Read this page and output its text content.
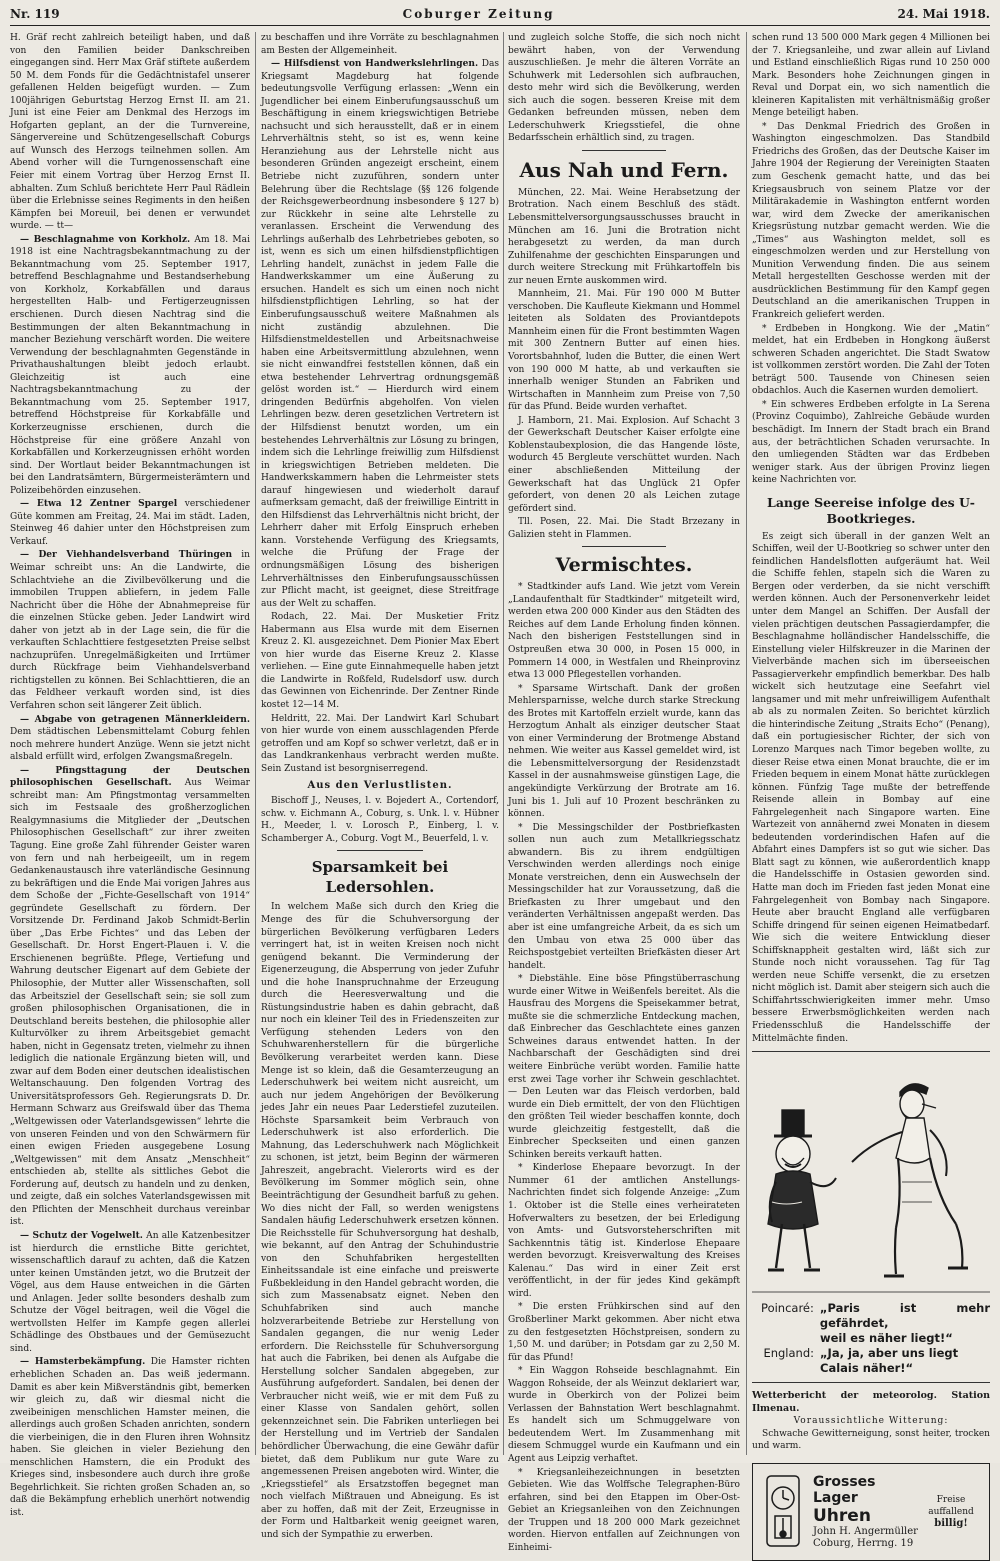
Nr. 119	Coburger Zeitung	24. Mai 1918.

H. Gräf recht zahlreich beteiligt haben, und daß von den Familien beider Dankschreiben eingegangen sind. Herr Max Gräf stiftete außerdem 50 M. dem Fonds für die Gedächtnistafel unserer gefallenen Helden beigefügt wurden. — Zum 100jährigen Geburtstag Herzog Ernst II. am 21. Juni ist eine Feier am Denkmal des Herzogs im Hofgarten geplant, an der die Turnvereine, Sängervereine und Schützengesellschaft Coburgs auf Wunsch des Herzogs teilnehmen sollen. Am Abend vorher will die Turngenossenschaft eine Feier mit einem Vortrag über Herzog Ernst II. abhalten. Zum Schluß berichtete Herr Paul Rädlein über die Erlebnisse seines Regiments in den heißen Kämpfen bei Moreuil, bei denen er verwundet wurde. — tt—

— Beschlagnahme von Korkholz. Am 18. Mai 1918 ist eine Nachtragsbekanntmachung zu der Bekanntmachung vom 25. September 1917, betreffend Beschlagnahme und Bestandserhebung von Korkholz, Korkabfällen und daraus hergestellten Halb- und Fertigerzeugnissen erschienen. Durch diesen Nachtrag sind die Bestimmungen der alten Bekanntmachung in mancher Beziehung verschärft worden. Die weitere Verwendung der beschlagnahmten Gegenstände in Privathaushaltungen bleibt jedoch erlaubt. Gleichzeitig ist auch eine Nachtragsbekanntmachung zu der Bekanntmachung vom 25. September 1917, betreffend Höchstpreise für Korkabfälle und Korkerzeugnisse erschienen, durch die Höchstpreise für eine größere Anzahl von Korkabfällen und Korkerzeugnissen erhöht worden sind. Der Wortlaut beider Bekanntmachungen ist bei den Landratsämtern, Bürgermeisterämtern und Polizeibehörden einzusehen.

— Etwa 12 Zentner Spargel verschiedener Güte kommen am Freitag, 24. Mai im städt. Laden, Steinweg 46 dahier unter den Höchstpreisen zum Verkauf.

— Der Viehhandelsverband Thüringen in Weimar schreibt uns: An die Landwirte, die Schlachtviehe an die Zivilbevölkerung und die immobilen Truppen abliefern, in jedem Falle Nachricht über die Höhe der Abnahmepreise für die einzelnen Stücke geben. Jeder Landwirt wird daher von jetzt ab in der Lage sein, die für die verkauften Schlachttiere festgesetzten Preise selbst nachzuprüfen. Unregelmäßigkeiten und Irrtümer durch Rückfrage beim Viehhandelsverband richtigstellen zu können. Bei Schlachttieren, die an das Feldheer verkauft worden sind, ist dies Verfahren schon seit längerer Zeit üblich.

— Abgabe von getragenen Männerkleidern. Dem städtischen Lebensmittelamt Coburg fehlen noch mehrere hundert Anzüge. Wenn sie jetzt nicht alsbald erfüllt wird, erfolgen Zwangsmaßregeln.

— Pfingsttagung der Deutschen philosophischen Gesellschaft. Aus Weimar schreibt man: Am Pfingstmontag versammelten sich im Festsaale des großherzoglichen Realgymnasiums die Mitglieder der „Deutschen Philosophischen Gesellschaft“ zur ihrer zweiten Tagung. Eine große Zahl führender Geister waren von fern und nah herbeigeeilt, um in regem Gedankenaustausch ihre vaterländische Gesinnung zu bekräftigen und die Ende Mai vorigen Jahres aus dem Schoße der „Fichte-Gesellschaft von 1914“ gegründete Gesellschaft zu fördern. Der Vorsitzende Dr. Ferdinand Jakob Schmidt-Berlin über „Das Erbe Fichtes“ und das Leben der Gesellschaft. Dr. Horst Engert-Plauen i. V. die Erschienenen begrüßte. Pflege, Vertiefung und Wahrung deutscher Eigenart auf dem Gebiete der Philosophie, der Mutter aller Wissenschaften, soll das Arbeitsziel der Gesellschaft sein; sie soll zum großen philosophischen Organisationen, die in Deutschland bereits bestehen, die philosophie aller Kulturvölker zu ihrem Arbeitsgebiet gemacht haben, nicht in Gegensatz treten, vielmehr zu ihnen lediglich die nationale Ergänzung bieten will, und zwar auf dem Boden einer deutschen idealistischen Weltanschauung. Den folgenden Vortrag des Universitätsprofessors Geh. Regierungsrats D. Dr. Hermann Schwarz aus Greifswald über das Thema „Weltgewissen oder Vaterlandsgewissen“ lehrte die von unseren Feinden und von den Schwärmern für einen ewigen Frieden ausgegebene Losung „Weltgewissen“ mit dem Ansatz „Menschheit“ entschieden ab, stellte als sittliches Gebot die Forderung auf, deutsch zu handeln und zu denken, und zeigte, daß ein solches Vaterlandsgewissen mit den Pflichten der Menschheit durchaus vereinbar ist.

— Schutz der Vogelwelt. An alle Katzenbesitzer ist hierdurch die ernstliche Bitte gerichtet, wissenschaftlich darauf zu achten, daß die Katzen unter keinen Umständen jetzt, wo die Brutzeit der Vögel, aus dem Hause entweichen in die Gärten und Anlagen. Jeder sollte besonders deshalb zum Schutze der Vögel beitragen, weil die Vögel die wertvollsten Helfer im Kampfe gegen allerlei Schädlinge des Obstbaues und der Gemüsezucht sind.

— Hamsterbekämpfung. Die Hamster richten erheblichen Schaden an. Das weiß jedermann. Damit es aber kein Mißverständnis gibt, bemerken wir gleich zu, daß wir diesmal nicht die zweibeinigen menschlichen Hamster meinen, die allerdings auch großen Schaden anrichten, sondern die vierbeinigen, die in den Fluren ihren Wohnsitz haben. Sie gleichen in vieler Beziehung den menschlichen Hamstern, die ein Produkt des Krieges sind, insbesondere auch durch ihre große Begehrlichkeit. Sie richten großen Schaden an, so daß die Bekämpfung erheblich unerhört notwendig ist.

zu beschaffen und ihre Vorräte zu beschlagnahmen am Besten der Allgemeinheit.

— Hilfsdienst von Handwerkslehrlingen. Das Kriegsamt Magdeburg hat folgende bedeutungsvolle Verfügung erlassen: „Wenn ein Jugendlicher bei einem Einberufungsausschuß um Beschäftigung in einem kriegswichtigen Betriebe nachsucht und sich herausstellt, daß er in einem Lehrverhältnis steht, so ist es, wenn keine Heranziehung aus der Lehrstelle nicht aus besonderen Gründen angezeigt erscheint, einem Betriebe nicht zuzuführen, sondern unter Belehrung über die Rechtslage (§§ 126 folgende der Reichsgewerbeordnung insbesondere § 127 b) zur Rückkehr in seine alte Lehrstelle zu veranlassen. Erscheint die Verwendung des Lehrlings außerhalb des Lehrbetriebes geboten, so ist, wenn es sich um einen hilfsdienstpflichtigen Lehrling handelt, zunächst in jedem Falle die Handwerkskammer um eine Äußerung zu ersuchen. Handelt es sich um einen noch nicht hilfsdienstpflichtigen Lehrling, so hat der Einberufungsausschuß weitere Maßnahmen als nicht zuständig abzulehnen. Die Hilfsdienstmeldestellen und Arbeitsnachweise haben eine Arbeitsvermittlung abzulehnen, wenn sie nicht einwandfrei feststellen können, daß ein etwa bestehender Lehrvertrag ordnungsgemäß gelöst worden ist.“ — Hierdurch wird einem dringenden Bedürfnis abgeholfen. Von vielen Lehrlingen bezw. deren gesetzlichen Vertretern ist der Hilfsdienst benutzt worden, um ein bestehendes Lehrverhältnis zur Lösung zu bringen, indem sich die Lehrlinge freiwillig zum Hilfsdienst in kriegswichtigen Betrieben meldeten. Die Handwerkskammern haben die Lehrmeister stets darauf hingewiesen und wiederholt darauf aufmerksam gemacht, daß der freiwillige Eintritt in den Hilfsdienst das Lehrverhältnis nicht bricht, der Lehrherr daher mit Erfolg Einspruch erheben kann. Vorstehende Verfügung des Kriegsamts, welche die Prüfung der Frage der ordnungsmäßigen Lösung des bisherigen Lehrverhältnisses den Einberufungsausschüssen zur Pflicht macht, ist geeignet, diese Streitfrage aus der Welt zu schaffen.

Rodach, 22. Mai. Der Musketier Fritz Habermann aus Elsa wurde mit dem Eisernen Kreuz 2. Kl. ausgezeichnet. Dem Pionier Max Ebert von hier wurde das Eiserne Kreuz 2. Klasse verliehen. — Eine gute Einnahmequelle haben jetzt die Landwirte in Roßfeld, Rudelsdorf usw. durch das Gewinnen von Eichenrinde. Der Zentner Rinde kostet 12—14 M.

Heldritt, 22. Mai. Der Landwirt Karl Schubart von hier wurde von einem ausschlagenden Pferde getroffen und am Kopf so schwer verletzt, daß er in das Landkrankenhaus verbracht werden mußte. Sein Zustand ist besorgniserregend.

Aus den Verlustlisten.

Bischoff J., Neuses, l. v. Bojedert A., Cortendorf, schw. v. Eichmann A., Coburg, s. Unk. l. v. Hübner H., Meeder, l. v. Lorosch P., Einberg, l. v. Schamberger A., Coburg. Vogt M., Beuerfeld, l. v.

Sparsamkeit bei Ledersohlen.

In welchem Maße sich durch den Krieg die Menge des für die Schuhversorgung der bürgerlichen Bevölkerung verfügbaren Leders verringert hat, ist in weiten Kreisen noch nicht genügend bekannt. Die Verminderung der Eigenerzeugung, die Absperrung von jeder Zufuhr und die hohe Inanspruchnahme der Erzeugung durch die Heeresverwaltung und die Rüstungsindustrie haben es dahin gebracht, daß nur noch ein kleiner Teil des in Friedenszeiten zur Verfügung stehenden Leders von den Schuhwarenherstellern für die bürgerliche Bevölkerung verarbeitet werden kann. Diese Menge ist so klein, daß die Gesamterzeugung an Lederschuhwerk bei weitem nicht ausreicht, um auch nur jedem Angehörigen der Bevölkerung jedes Jahr ein neues Paar Lederstiefel zuzuteilen. Höchste Sparsamkeit beim Verbrauch von Lederschuhwerk ist also erforderlich. Die Mahnung, das Lederschuhwerk nach Möglichkeit zu schonen, ist jetzt, beim Beginn der wärmeren Jahreszeit, angebracht. Vielerorts wird es der Bevölkerung im Sommer möglich sein, ohne Beeinträchtigung der Gesundheit barfuß zu gehen. Wo dies nicht der Fall, so werden wenigstens Sandalen häufig Lederschuhwerk ersetzen können. Die Reichsstelle für Schuhversorgung hat deshalb, wie bekannt, auf den Antrag der Schuhindustrie von den Schuhfabriken hergestellten Einheitssandale ist eine einfache und preiswerte Fußbekleidung in den Handel gebracht worden, die sich zum Massenabsatz eignet. Neben den Schuhfabriken sind auch manche holzverarbeitende Betriebe zur Herstellung von Sandalen gegangen, die nur wenig Leder erfordern. Die Reichsstelle für Schuhversorgung hat auch die Fabriken, bei denen als Aufgabe die Herstellung solcher Sandalen abgegeben, zur Ausführung aufgefordert. Sandalen, bei denen der Verbraucher nicht weiß, wie er mit dem Fuß zu einer Klasse von Sandalen gehört, sollen gekennzeichnet sein. Die Fabriken unterliegen bei der Herstellung und im Vertrieb der Sandalen behördlicher Überwachung, die eine Gewähr dafür bietet, daß dem Publikum nur gute Ware zu angemessenen Preisen angeboten wird. Winter, die „Kriegsstiefel“ als Ersatzstoffen begegnet man noch vielfach Mißtrauen und Abneigung. Es ist aber zu hoffen, daß mit der Zeit, Erzeugnisse in der Form und Haltbarkeit wenig geeignet waren, und sich der Sympathie zu erwerben.

und zugleich solche Stoffe, die sich noch nicht bewährt haben, von der Verwendung auszuschließen. Je mehr die älteren Vorräte an Schuhwerk mit Ledersohlen sich aufbrauchen, desto mehr wird sich die Bevölkerung, werden sich auch die sogen. besseren Kreise mit dem Gedanken befreunden müssen, neben dem Lederschuhwerk Kriegsstiefel, die ohne Bedarfsschein erhältlich sind, zu tragen.

Aus Nah und Fern.

München, 22. Mai. Weine Herabsetzung der Brotration. Nach einem Beschluß des städt. Lebensmittelversorgungsausschusses braucht in München am 16. Juni die Brotration nicht herabgesetzt zu werden, da man durch Zuhilfenahme der geschichten Einsparungen und durch weitere Streckung mit Frühkartoffeln bis zur neuen Ernte auskommen wird.

Mannheim, 21. Mai. Für 190 000 M Butter verschoben. Die Kaufleute Kiekmann und Hommel leiteten als Soldaten des Proviantdepots Mannheim einen für die Front bestimmten Wagen mit 300 Zentnern Butter auf einen hies. Vorortsbahnhof, luden die Butter, die einen Wert von 190 000 M hatte, ab und verkauften sie innerhalb weniger Stunden an Fabriken und Wirtschaften in Mannheim zum Preise von 7,50 für das Pfund. Beide wurden verhaftet.

J. Hamborn, 21. Mai. Explosion. Auf Schacht 3 der Gewerkschaft Deutscher Kaiser erfolgte eine Koblenstaubexplosion, die das Hangende löste, wodurch 45 Bergleute verschüttet wurden. Nach einer abschließenden Mitteilung der Gewerkschaft hat das Unglück 21 Opfer gefordert, von denen 20 als Leichen zutage gefördert sind.

Tll. Posen, 22. Mai. Die Stadt Brzezany in Galizien steht in Flammen.

Vermischtes.

* Stadtkinder aufs Land. Wie jetzt vom Verein „Landaufenthalt für Stadtkinder“ mitgeteilt wird, werden etwa 200 000 Kinder aus den Städten des Reiches auf dem Lande Erholung finden können. Nach den bisherigen Feststellungen sind in Ostpreußen etwa 30 000, in Posen 15 000, in Pommern 14 000, in Westfalen und Rheinprovinz etwa 13 000 Pflegestellen vorhanden.

* Sparsame Wirtschaft. Dank der großen Mehlersparnisse, welche durch starke Streckung des Brotes mit Kartoffeln erzielt wurde, kann das Herzogtum Anhalt als einziger deutscher Staat von einer Verminderung der Brotmenge Abstand nehmen. Wie weiter aus Kassel gemeldet wird, ist die Lebensmittelversorgung der Residenzstadt Kassel in der ausnahmsweise günstigen Lage, die angekündigte Verkürzung der Brotrate am 16. Juni bis 1. Juli auf 10 Prozent beschränken zu können.

* Die Messingschilder der Postbriefkasten sollen nun auch zum Metallkriegsschatz abwandern. Bis zu ihrem endgültigen Verschwinden werden allerdings noch einige Monate verstreichen, denn ein Auswechseln der Messingschilder hat zur Voraussetzung, daß die Briefkasten zu Ihrer umgebaut und den veränderten Verhältnissen angepaßt werden. Das aber ist eine umfangreiche Arbeit, da es sich um den Umbau von etwa 25 000 über das Reichspostgebiet verteilten Briefkästen dieser Art handelt.

* Diebstähle. Eine böse Pfingstüberraschung wurde einer Witwe in Weißenfels bereitet. Als die Hausfrau des Morgens die Speisekammer betrat, mußte sie die schmerzliche Entdeckung machen, daß Einbrecher das Geschlachtete eines ganzen Schweines daraus entwendet hatten. In der Nachbarschaft der Geschädigten sind drei weitere Einbrüche verübt worden. Familie hatte erst zwei Tage vorher ihr Schwein geschlachtet. — Den Leuten war das Fleisch verdorben, bald wurde ein Dieb ermittelt, der von den Flüchtigen den größten Teil wieder beschaffen konnte, doch wurde gleichzeitig festgestellt, daß die Einbrecher Speckseiten und einen ganzen Schinken bereits verkauft hatten.

* Kinderlose Ehepaare bevorzugt. In der Nummer 61 der amtlichen Anstellungs-Nachrichten findet sich folgende Anzeige: „Zum 1. Oktober ist die Stelle eines verheirateten Hofverwalters zu besetzen, der bei Erledigung von Amts- und Gutsvorsteherschriften mit Sachkenntnis tätig ist. Kinderlose Ehepaare werden bevorzugt. Kreisverwaltung des Kreises Kalenau.“ Das wird in einer Zeit erst veröffentlicht, in der für jedes Kind gekämpft wird.

* Die ersten Frühkirschen sind auf den Großberliner Markt gekommen. Aber nicht etwa zu den festgesetzten Höchstpreisen, sondern zu 1,50 M. und darüber; in Potsdam gar zu 2,50 M. für das Pfund!

* Ein Waggon Rohseide beschlagnahmt. Ein Waggon Rohseide, der als Weinzut deklariert war, wurde in Oberkirch von der Polizei beim Verlassen der Bahnstation Wert beschlagnahmt. Es handelt sich um Schmuggelware von bedeutendem Wert. Im Zusammenhang mit diesem Schmuggel wurde ein Kaufmann und ein Agent aus Leipzig verhaftet.

* Kriegsanleihezeichnungen in besetzten Gebieten. Wie das Wolffsche Telegraphen-Büro erfahren, sind bei den Etappen im Ober-Ost-Gebiet an Kriegsanleihen von den Zeichnungen der Truppen und 18 200 000 Mark gezeichnet worden. Hiervon entfallen auf Zeichnungen von Einheimi-

schen rund 13 500 000 Mark gegen 4 Millionen bei der 7. Kriegsanleihe, und zwar allein auf Livland und Estland einschließlich Rigas rund 10 250 000 Mark. Besonders hohe Zeichnungen gingen in Reval und Dorpat ein, wo sich namentlich die kleineren Kapitalisten mit verhältnismäßig großer Menge beteiligt haben.

* Das Denkmal Friedrich des Großen in Washington eingeschmolzen. Das Standbild Friedrichs des Großen, das der Deutsche Kaiser im Jahre 1904 der Regierung der Vereinigten Staaten zum Geschenk gemacht hatte, und das bei Kriegsausbruch von seinem Platze vor der Militärakademie in Washington entfernt worden war, wird dem Zwecke der amerikanischen Kriegsrüstung nutzbar gemacht werden. Wie die „Times“ aus Washington meldet, soll es eingeschmolzen werden und zur Herstellung von Munition Verwendung finden. Die aus seinem Metall hergestellten Geschosse werden mit der ausdrücklichen Bestimmung für den Kampf gegen Deutschland an die amerikanischen Truppen in Frankreich geliefert werden.

* Erdbeben in Hongkong. Wie der „Matin“ meldet, hat ein Erdbeben in Hongkong äußerst schweren Schaden angerichtet. Die Stadt Swatow ist vollkommen zerstört worden. Die Zahl der Toten beträgt 500. Tausende von Chinesen seien obdachlos. Auch die Kasernen wurden demoliert.

* Ein schweres Erdbeben erfolgte in La Serena (Provinz Coquimbo), Zahlreiche Gebäude wurden beschädigt. Im Innern der Stadt brach ein Brand aus, der beträchtlichen Schaden verursachte. In den umliegenden Städten war das Erdbeben weniger stark. Aus der übrigen Provinz liegen keine Nachrichten vor.

Lange Seereise infolge des U-Bootkrieges.

Es zeigt sich überall in der ganzen Welt an Schiffen, weil der U-Bootkrieg so schwer unter den feindlichen Handelsflotten aufgeräumt hat. Weil die Schiffe fehlen, stapeln sich die Waren zu Bergen oder verderben, da sie nicht verschifft werden können. Auch der Personenverkehr leidet unter dem Mangel an Schiffen. Der Ausfall der vielen prächtigen deutschen Passagierdampfer, die Beschlagnahme holländischer Handelsschiffe, die Einstellung vieler Hilfskreuzer in die Marinen der Vielverbände machen sich im überseeischen Passagierverkehr empfindlich bemerkbar. Des halb wickelt sich heutzutage eine Seefahrt viel langsamer und mit mehr unfreiwilligem Aufenthalt ab als zu normalen Zeiten. So berichtet kürzlich die hinterindische Zeitung „Straits Echo“ (Penang), daß ein portugiesischer Richter, der sich von Lorenzo Marques nach Timor begeben wollte, zu dieser Reise etwa einen Monat brauchte, die er im Frieden bequem in einem Monat hätte zurücklegen können. Fünfzig Tage mußte der betreffende Reisende allein in Bombay auf eine Fahrgelegenheit nach Singapore warten. Eine Wartezeit von annähernd zwei Monaten in diesem bedeutenden vorderindischen Hafen auf die Abfahrt eines Dampfers ist so gut wie sicher. Das Blatt sagt zu können, wie außerordentlich knapp die Handelsschiffe in Ostasien geworden sind. Hatte man doch im Frieden fast jeden Monat eine Fahrgelegenheit von Bombay nach Singapore. Heute aber braucht England alle verfügbaren Schiffe dringend für seinen eigenen Heimatbedarf. Wie sich die weitere Entwicklung dieser Schiffsknappheit gestalten wird, läßt sich zur Stunde noch nicht voraussehen. Tag für Tag werden neue Schiffe versenkt, die zu ersetzen nicht möglich ist. Damit aber steigern sich auch die Schiffahrtsschwierigkeiten immer mehr. Umso bessere Erwerbsmöglichkeiten werden nach Friedensschluß die Handelsschiffe der Mittelmächte finden.

Poincaré: „Paris ist mehr gefährdet,
weil es näher liegt!“
England: „Ja, ja, aber uns liegt
Calais näher!“
Wetterbericht der meteorolog. Station Ilmenau.
Voraussichtliche Witterung:

Schwache Gewitterneigung, sonst heiter, trocken und warm.

Grosses Lager
Uhren
John H. Angermüller
Coburg, Herrng. 19
Freise
auffallend
billig!
